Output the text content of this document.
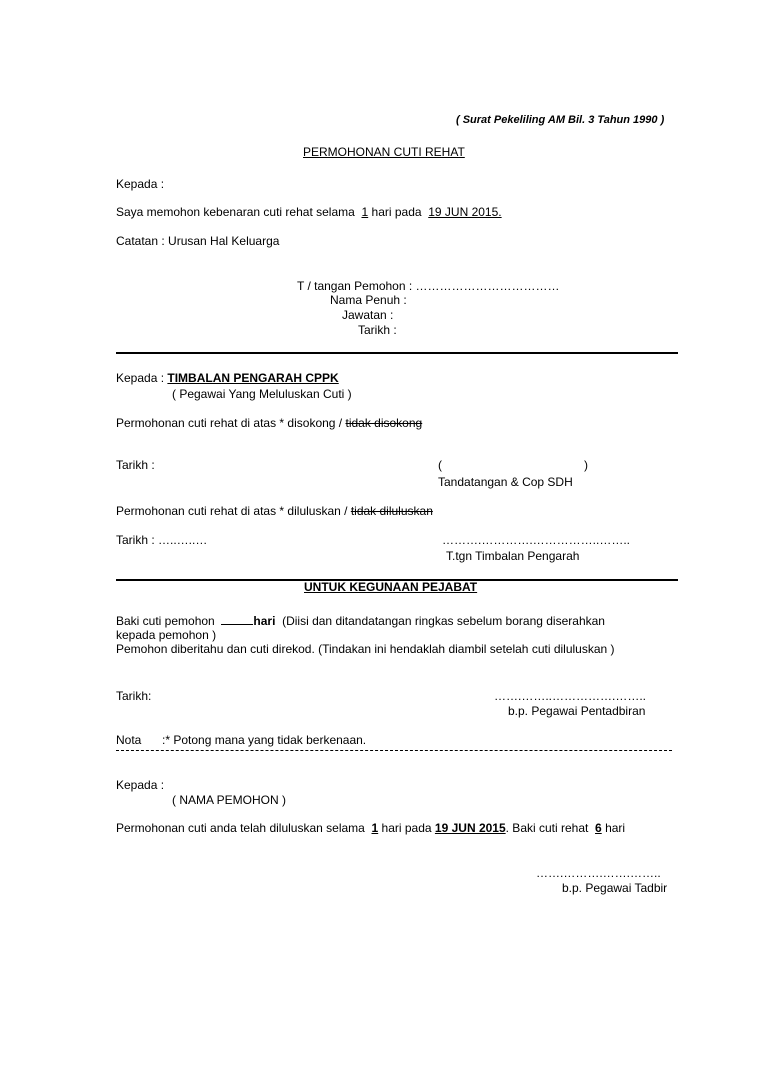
( Surat Pekeliling AM Bil. 3 Tahun 1990 )
PERMOHONAN CUTI REHAT
Kepada :
Saya memohon kebenaran cuti rehat selama 1 hari pada 19 JUN 2015.
Catatan : Urusan Hal Keluarga
T / tangan Pemohon : ………………………………
Nama Penuh :
Jawatan :
Tarikh :
Kepada : TIMBALAN PENGARAH CPPK
( Pegawai Yang Meluluskan Cuti )
Permohonan cuti rehat di atas * disokong / tidak disokong
Tarikh :	(	)
Tandatangan & Cop SDH
Permohonan cuti rehat di atas * diluluskan / tidak diluluskan
Tarikh : …..…..…	……….………….……………..……..
T.tgn Timbalan Pengarah
UNTUK KEGUNAAN PEJABAT
Baki cuti pemohon	hari (Diisi dan ditandatangan ringkas sebelum borang diserahkan
kepada pemohon )
Pemohon diberitahu dan cuti direkod. (Tindakan ini hendaklah diambil setelah cuti diluluskan )
Tarikh:	…….……..…………….……..
b.p. Pegawai Pentadbiran
Nota :* Potong mana yang tidak berkenaan.
Kepada :
( NAMA PEMOHON )
Permohonan cuti anda telah diluluskan selama 1 hari pada 19 JUN 2015. Baki cuti rehat 6 hari
…….……….…….……..
b.p. Pegawai Tadbir
